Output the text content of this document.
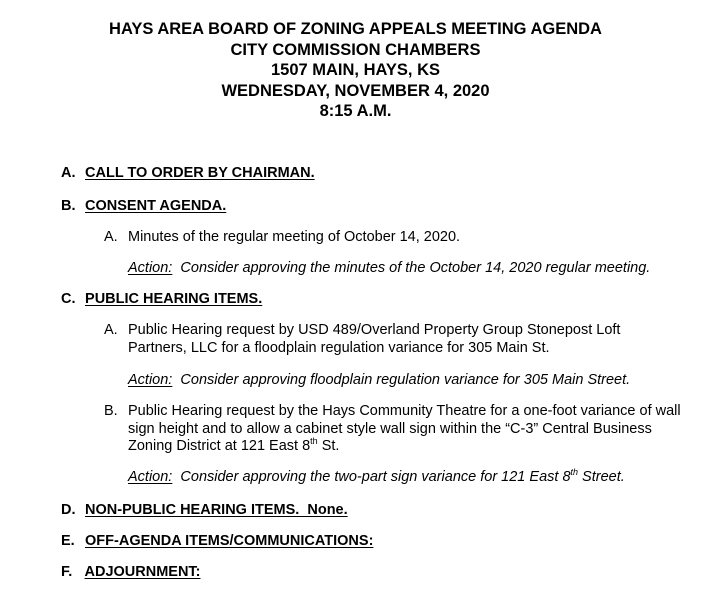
HAYS AREA BOARD OF ZONING APPEALS MEETING AGENDA
CITY COMMISSION CHAMBERS
1507 MAIN, HAYS, KS
WEDNESDAY, NOVEMBER 4, 2020
8:15 A.M.
A. CALL TO ORDER BY CHAIRMAN.
B. CONSENT AGENDA.
A. Minutes of the regular meeting of October 14, 2020.
Action: Consider approving the minutes of the October 14, 2020 regular meeting.
C. PUBLIC HEARING ITEMS.
A. Public Hearing request by USD 489/Overland Property Group Stonepost Loft Partners, LLC for a floodplain regulation variance for 305 Main St.
Action: Consider approving floodplain regulation variance for 305 Main Street.
B. Public Hearing request by the Hays Community Theatre for a one-foot variance of wall sign height and to allow a cabinet style wall sign within the “C-3” Central Business Zoning District at 121 East 8th St.
Action: Consider approving the two-part sign variance for 121 East 8th Street.
D. NON-PUBLIC HEARING ITEMS.  None.
E. OFF-AGENDA ITEMS/COMMUNICATIONS:
F. ADJOURNMENT:
